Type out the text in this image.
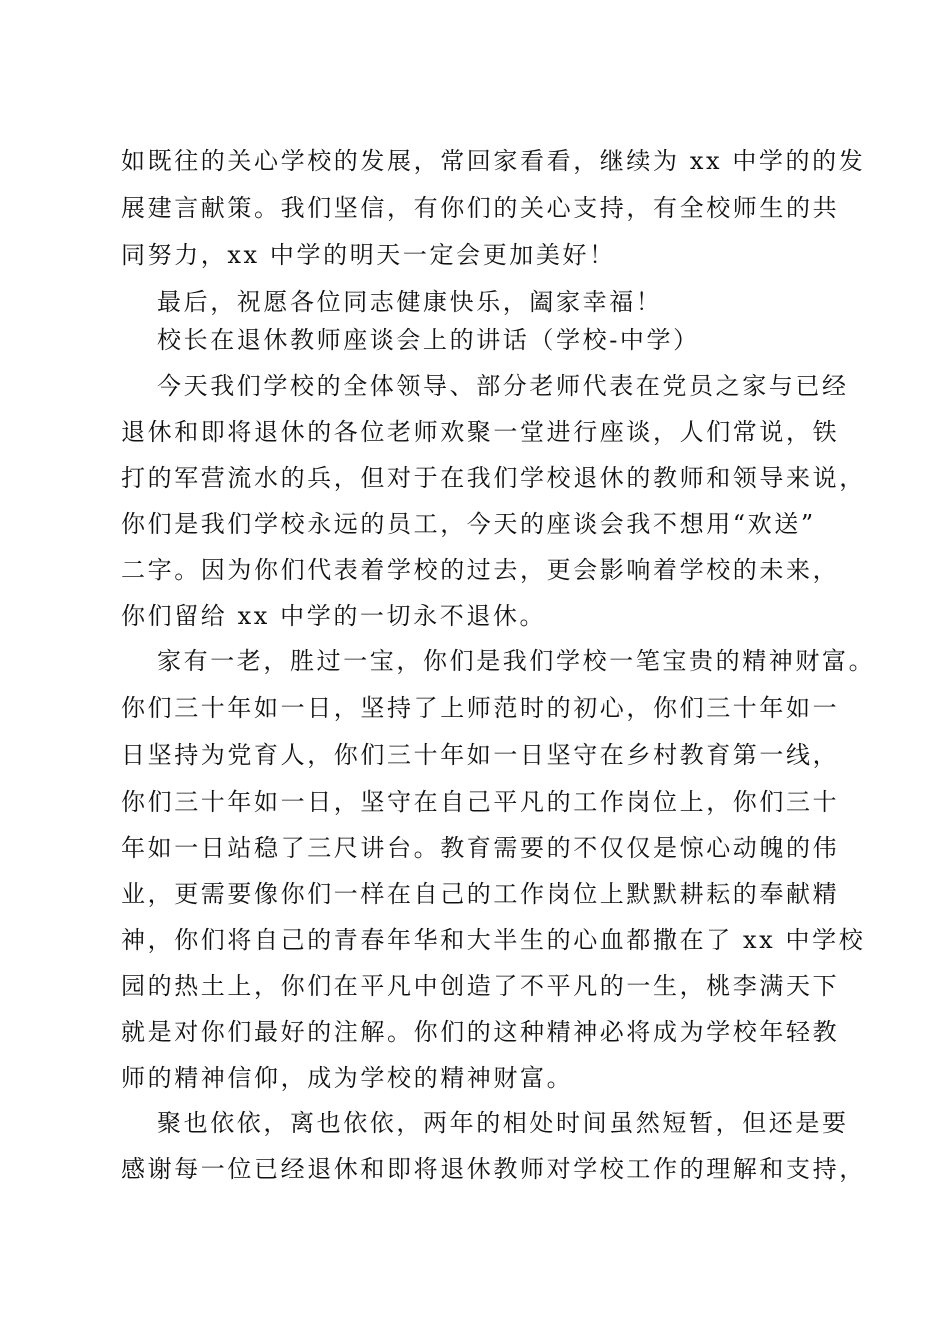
如既往的关心学校的发展，常回家看看，继续为 xx 中学的的发
展建言献策。我们坚信，有你们的关心支持，有全校师生的共
同努力，xx 中学的明天一定会更加美好！
最后，祝愿各位同志健康快乐，阖家幸福！
校长在退休教师座谈会上的讲话（学校-中学）
今天我们学校的全体领导、部分老师代表在党员之家与已经
退休和即将退休的各位老师欢聚一堂进行座谈，人们常说，铁
打的军营流水的兵，但对于在我们学校退休的教师和领导来说，
你们是我们学校永远的员工，今天的座谈会我不想用“欢送”
二字。因为你们代表着学校的过去，更会影响着学校的未来，
你们留给 xx 中学的一切永不退休。
家有一老，胜过一宝，你们是我们学校一笔宝贵的精神财富。
你们三十年如一日，坚持了上师范时的初心，你们三十年如一
日坚持为党育人，你们三十年如一日坚守在乡村教育第一线，
你们三十年如一日，坚守在自己平凡的工作岗位上，你们三十
年如一日站稳了三尺讲台。教育需要的不仅仅是惊心动魄的伟
业，更需要像你们一样在自己的工作岗位上默默耕耘的奉献精
神，你们将自己的青春年华和大半生的心血都撒在了 xx 中学校
园的热土上，你们在平凡中创造了不平凡的一生，桃李满天下
就是对你们最好的注解。你们的这种精神必将成为学校年轻教
师的精神信仰，成为学校的精神财富。
聚也依依，离也依依，两年的相处时间虽然短暂，但还是要
感谢每一位已经退休和即将退休教师对学校工作的理解和支持，
